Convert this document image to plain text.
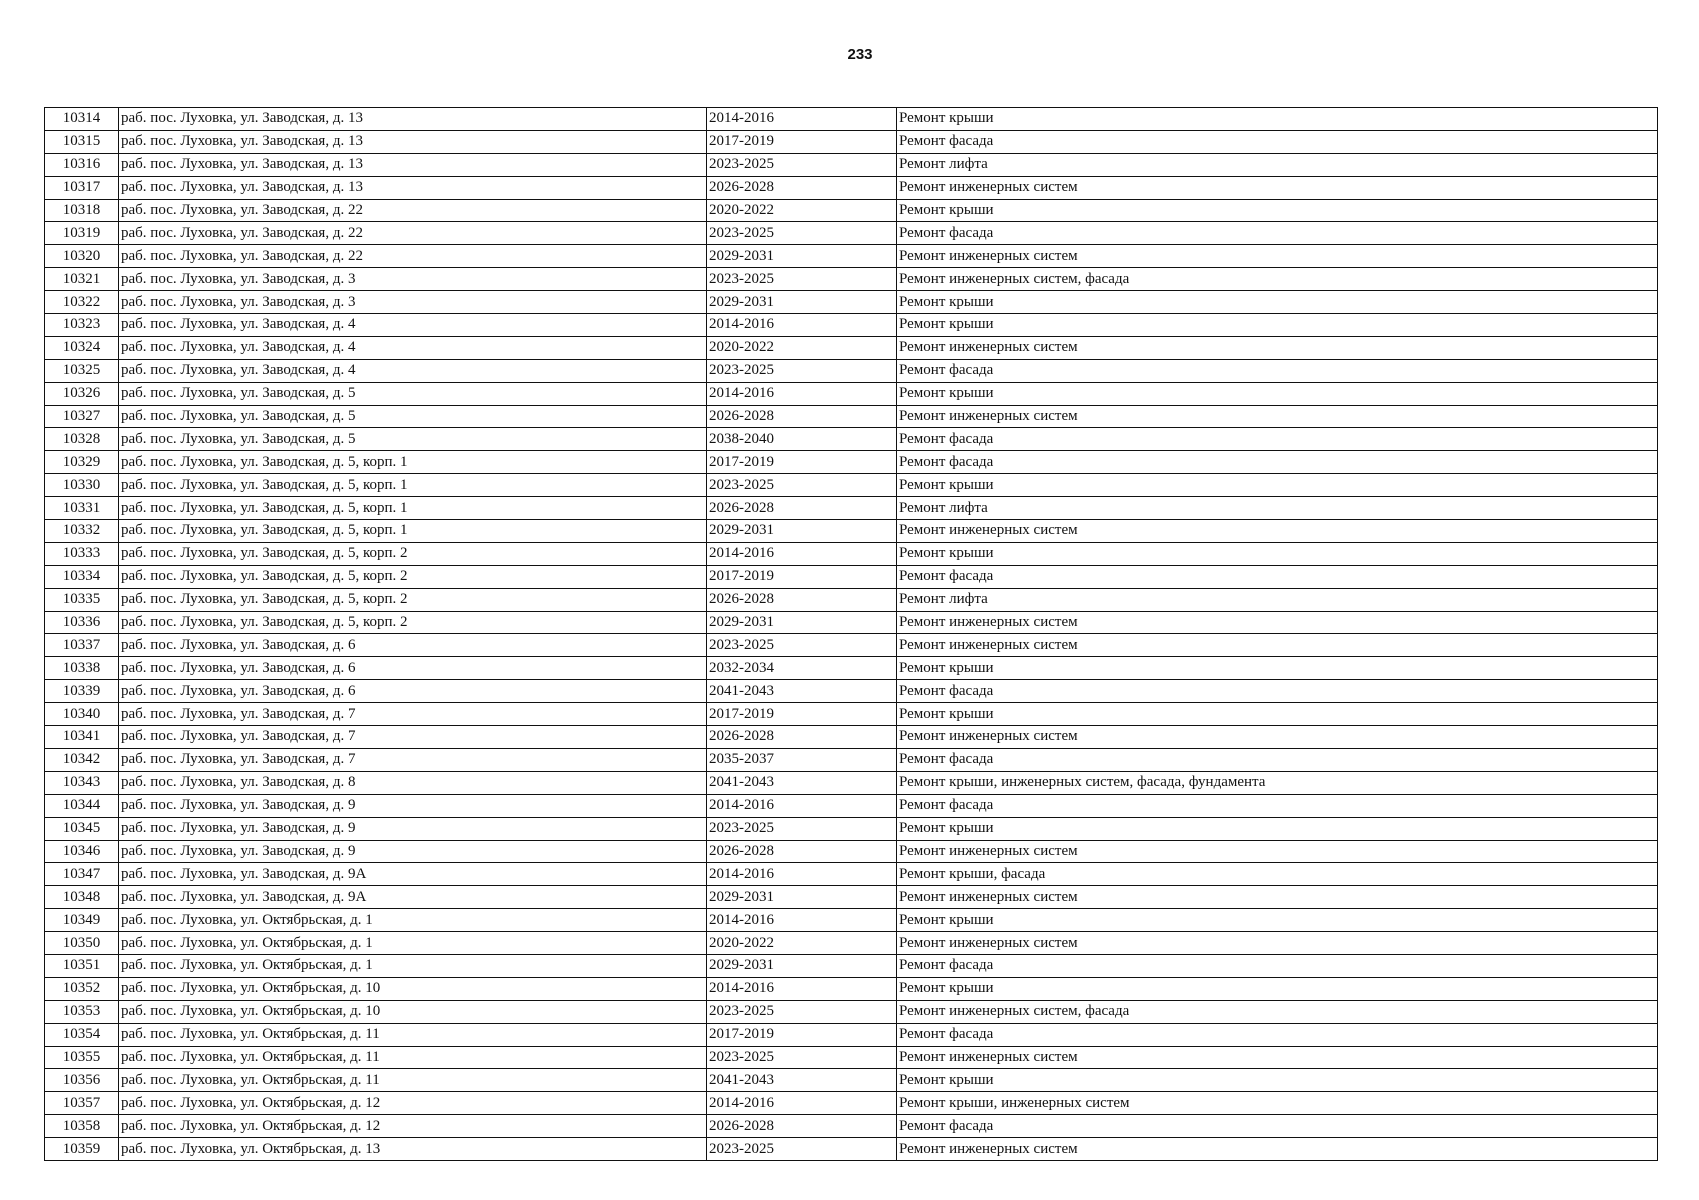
233
10314	раб. пос. Луховка, ул. Заводская, д. 13	2014-2016	Ремонт крыши
10315	раб. пос. Луховка, ул. Заводская, д. 13	2017-2019	Ремонт фасада
10316	раб. пос. Луховка, ул. Заводская, д. 13	2023-2025	Ремонт лифта
10317	раб. пос. Луховка, ул. Заводская, д. 13	2026-2028	Ремонт инженерных систем
10318	раб. пос. Луховка, ул. Заводская, д. 22	2020-2022	Ремонт крыши
10319	раб. пос. Луховка, ул. Заводская, д. 22	2023-2025	Ремонт фасада
10320	раб. пос. Луховка, ул. Заводская, д. 22	2029-2031	Ремонт инженерных систем
10321	раб. пос. Луховка, ул. Заводская, д. 3	2023-2025	Ремонт инженерных систем, фасада
10322	раб. пос. Луховка, ул. Заводская, д. 3	2029-2031	Ремонт крыши
10323	раб. пос. Луховка, ул. Заводская, д. 4	2014-2016	Ремонт крыши
10324	раб. пос. Луховка, ул. Заводская, д. 4	2020-2022	Ремонт инженерных систем
10325	раб. пос. Луховка, ул. Заводская, д. 4	2023-2025	Ремонт фасада
10326	раб. пос. Луховка, ул. Заводская, д. 5	2014-2016	Ремонт крыши
10327	раб. пос. Луховка, ул. Заводская, д. 5	2026-2028	Ремонт инженерных систем
10328	раб. пос. Луховка, ул. Заводская, д. 5	2038-2040	Ремонт фасада
10329	раб. пос. Луховка, ул. Заводская, д. 5, корп. 1	2017-2019	Ремонт фасада
10330	раб. пос. Луховка, ул. Заводская, д. 5, корп. 1	2023-2025	Ремонт крыши
10331	раб. пос. Луховка, ул. Заводская, д. 5, корп. 1	2026-2028	Ремонт лифта
10332	раб. пос. Луховка, ул. Заводская, д. 5, корп. 1	2029-2031	Ремонт инженерных систем
10333	раб. пос. Луховка, ул. Заводская, д. 5, корп. 2	2014-2016	Ремонт крыши
10334	раб. пос. Луховка, ул. Заводская, д. 5, корп. 2	2017-2019	Ремонт фасада
10335	раб. пос. Луховка, ул. Заводская, д. 5, корп. 2	2026-2028	Ремонт лифта
10336	раб. пос. Луховка, ул. Заводская, д. 5, корп. 2	2029-2031	Ремонт инженерных систем
10337	раб. пос. Луховка, ул. Заводская, д. 6	2023-2025	Ремонт инженерных систем
10338	раб. пос. Луховка, ул. Заводская, д. 6	2032-2034	Ремонт крыши
10339	раб. пос. Луховка, ул. Заводская, д. 6	2041-2043	Ремонт фасада
10340	раб. пос. Луховка, ул. Заводская, д. 7	2017-2019	Ремонт крыши
10341	раб. пос. Луховка, ул. Заводская, д. 7	2026-2028	Ремонт инженерных систем
10342	раб. пос. Луховка, ул. Заводская, д. 7	2035-2037	Ремонт фасада
10343	раб. пос. Луховка, ул. Заводская, д. 8	2041-2043	Ремонт крыши, инженерных систем, фасада, фундамента
10344	раб. пос. Луховка, ул. Заводская, д. 9	2014-2016	Ремонт фасада
10345	раб. пос. Луховка, ул. Заводская, д. 9	2023-2025	Ремонт крыши
10346	раб. пос. Луховка, ул. Заводская, д. 9	2026-2028	Ремонт инженерных систем
10347	раб. пос. Луховка, ул. Заводская, д. 9А	2014-2016	Ремонт крыши, фасада
10348	раб. пос. Луховка, ул. Заводская, д. 9А	2029-2031	Ремонт инженерных систем
10349	раб. пос. Луховка, ул. Октябрьская, д. 1	2014-2016	Ремонт крыши
10350	раб. пос. Луховка, ул. Октябрьская, д. 1	2020-2022	Ремонт инженерных систем
10351	раб. пос. Луховка, ул. Октябрьская, д. 1	2029-2031	Ремонт фасада
10352	раб. пос. Луховка, ул. Октябрьская, д. 10	2014-2016	Ремонт крыши
10353	раб. пос. Луховка, ул. Октябрьская, д. 10	2023-2025	Ремонт инженерных систем, фасада
10354	раб. пос. Луховка, ул. Октябрьская, д. 11	2017-2019	Ремонт фасада
10355	раб. пос. Луховка, ул. Октябрьская, д. 11	2023-2025	Ремонт инженерных систем
10356	раб. пос. Луховка, ул. Октябрьская, д. 11	2041-2043	Ремонт крыши
10357	раб. пос. Луховка, ул. Октябрьская, д. 12	2014-2016	Ремонт крыши, инженерных систем
10358	раб. пос. Луховка, ул. Октябрьская, д. 12	2026-2028	Ремонт фасада
10359	раб. пос. Луховка, ул. Октябрьская, д. 13	2023-2025	Ремонт инженерных систем
